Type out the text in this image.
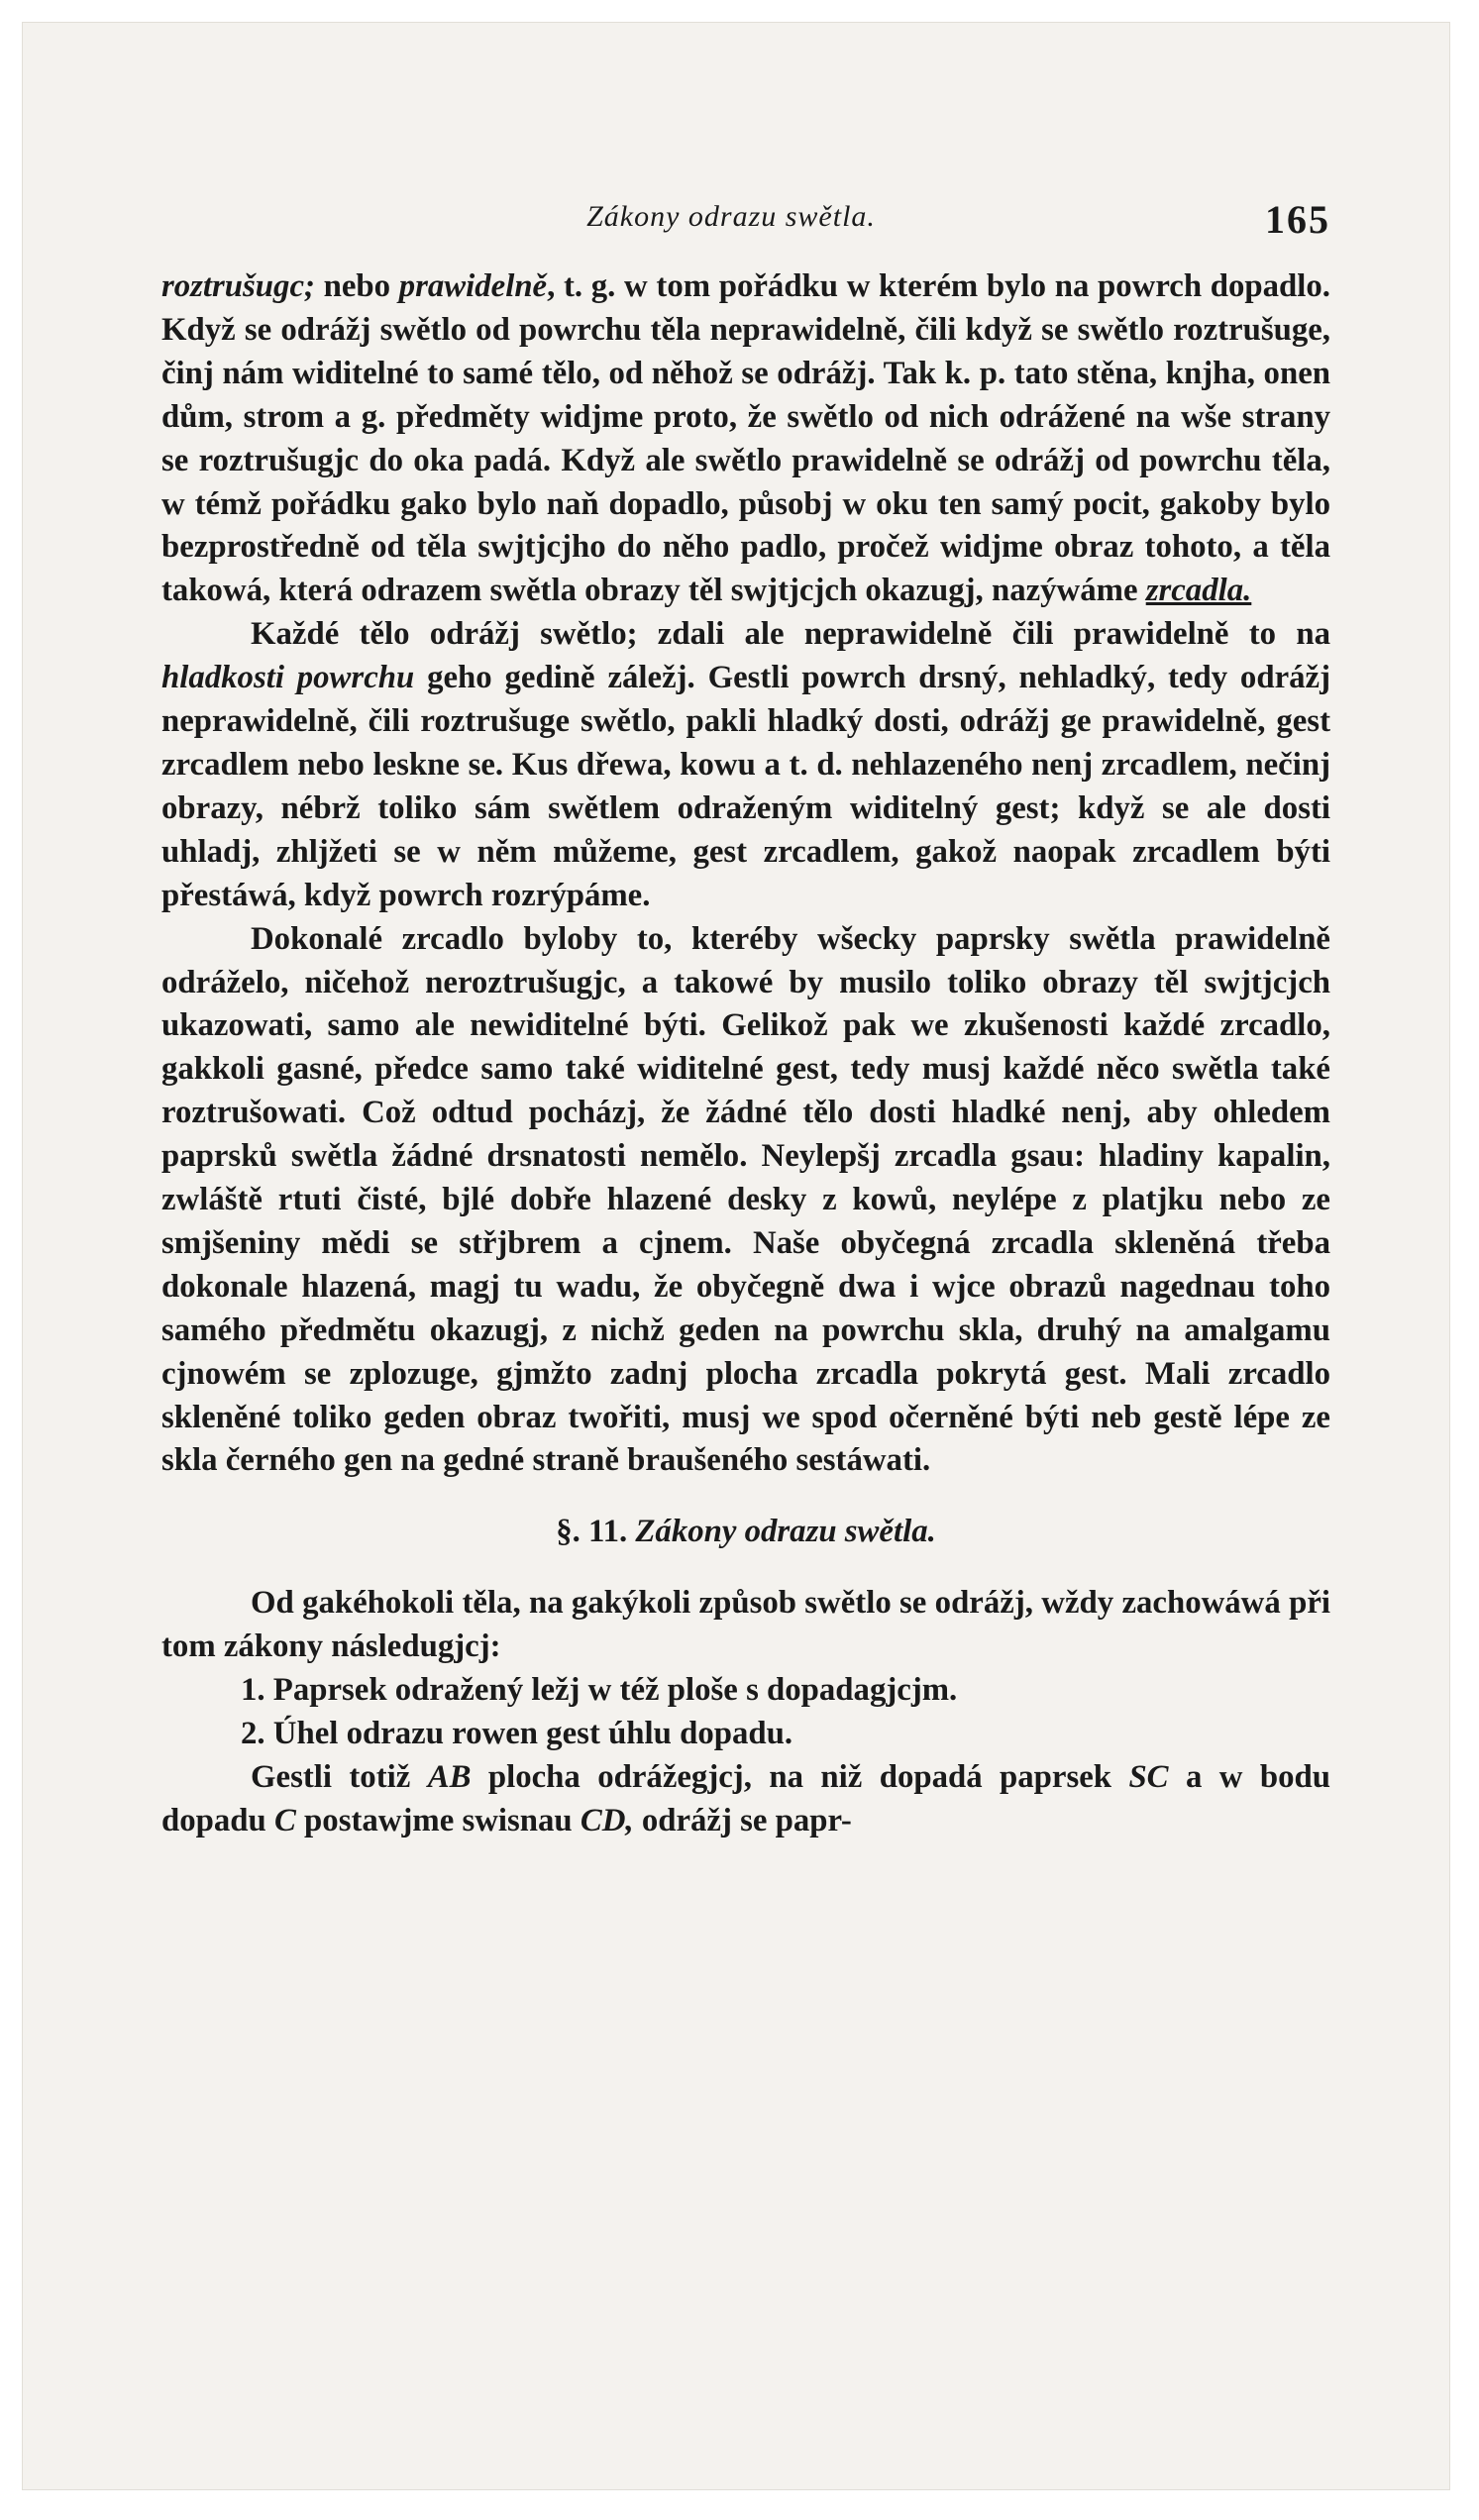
Zákony odrazu swětla.	165

roztrušugc; nebo prawidelně, t. g. w tom pořádku w kterém bylo na powrch dopadlo. Když se odrážj swětlo od powrchu těla neprawidelně, čili když se swětlo roztrušuge, činj nám widitelné to samé tělo, od něhož se odrážj. Tak k. p. tato stěna, knjha, onen dům, strom a g. předměty widjme proto, že swětlo od nich odrážené na wše strany se roztrušugjc do oka padá. Když ale swětlo prawidelně se odrážj od powrchu těla, w témž pořádku gako bylo naň dopadlo, působj w oku ten samý pocit, gakoby bylo bezprostředně od těla swjtjcjho do něho padlo, pročež widjme obraz tohoto, a těla takowá, která odrazem swětla obrazy těl swjtjcjch okazugj, nazýwáme zrcadla.

Každé tělo odrážj swětlo; zdali ale neprawidelně čili prawidelně to na hladkosti powrchu geho gedině záležj. Gestli powrch drsný, nehladký, tedy odrážj neprawidelně, čili roztrušuge swětlo, pakli hladký dosti, odrážj ge prawidelně, gest zrcadlem nebo leskne se. Kus dřewa, kowu a t. d. nehlazeného nenj zrcadlem, nečinj obrazy, nébrž toliko sám swětlem odraženým widitelný gest; když se ale dosti uhladj, zhljžeti se w něm můžeme, gest zrcadlem, gakož naopak zrcadlem býti přestáwá, když powrch rozrýpáme.

Dokonalé zrcadlo byloby to, kteréby wšecky paprsky swětla prawidelně odráželo, ničehož neroztrušugjc, a takowé by musilo toliko obrazy těl swjtjcjch ukazowati, samo ale newiditelné býti. Gelikož pak we zkušenosti každé zrcadlo, gakkoli gasné, předce samo také widitelné gest, tedy musj každé něco swětla také roztrušowati. Což odtud pocházj, že žádné tělo dosti hladké nenj, aby ohledem paprsků swětla žádné drsnatosti nemělo. Neylepšj zrcadla gsau: hladiny kapalin, zwláště rtuti čisté, bjlé dobře hlazené desky z kowů, neylépe z platjku nebo ze smjšeniny mědi se střjbrem a cjnem. Naše obyčegná zrcadla skleněná třeba dokonale hlazená, magj tu wadu, že obyčegně dwa i wjce obrazů nagednau toho samého předmětu okazugj, z nichž geden na powrchu skla, druhý na amalgamu cjnowém se zplozuge, gjmžto zadnj plocha zrcadla pokrytá gest. Mali zrcadlo skleněné toliko geden obraz twořiti, musj we spod očerněné býti neb gestě lépe ze skla černého gen na gedné straně braušeného sestáwati.

§. 11. Zákony odrazu swětla.

Od gakéhokoli těla, na gakýkoli způsob swětlo se odrážj, wždy zachowáwá při tom zákony následugjcj:

1. Paprsek odražený ležj w též ploše s dopadagjcjm.

2. Úhel odrazu rowen gest úhlu dopadu.

Gestli totiž AB plocha odrážegjcj, na niž dopadá paprsek SC a w bodu dopadu C postawjme swisnau CD, odrážj se papr-
